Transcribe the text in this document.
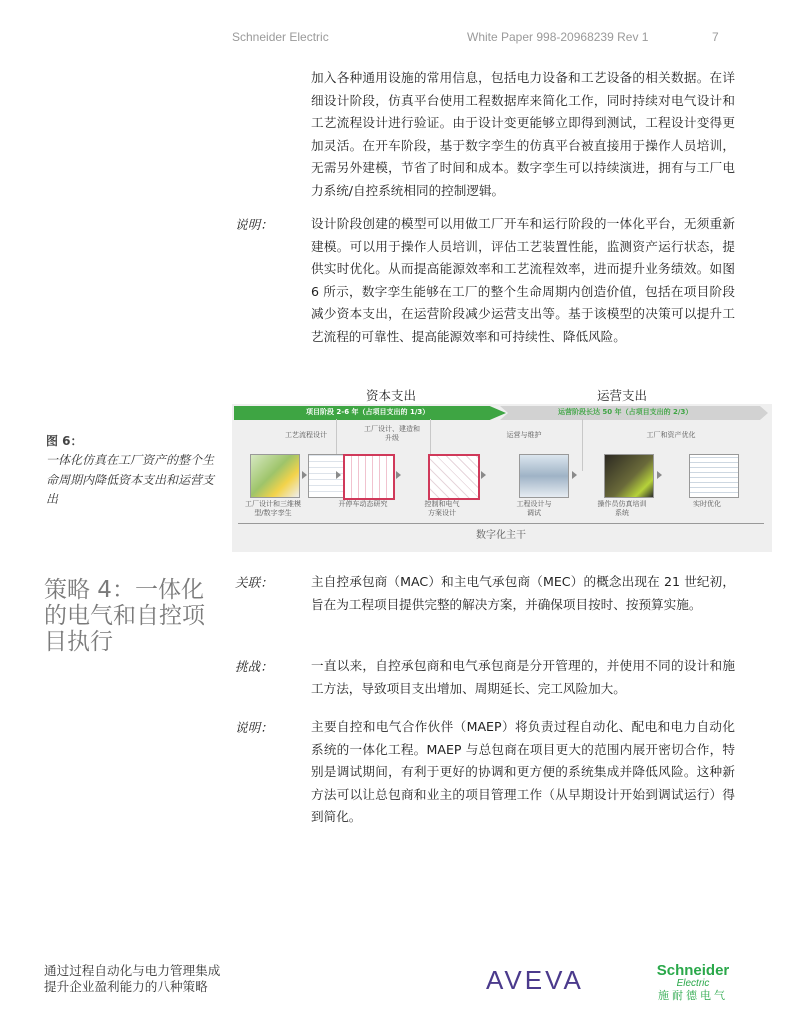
Schneider Electric	White Paper 998-20968239 Rev 1	7

加入各种通用设施的常用信息，包括电力设备和工艺设备的相关数据。在详细设计阶段，仿真平台使用工程数据库来简化工作，同时持续对电气设计和工艺流程设计进行验证。由于设计变更能够立即得到测试，工程设计变得更加灵活。在开车阶段，基于数字孪生的仿真平台被直接用于操作人员培训，无需另外建模，节省了时间和成本。数字孪生可以持续演进，拥有与工厂电力系统/自控系统相同的控制逻辑。

说明：	设计阶段创建的模型可以用做工厂开车和运行阶段的一体化平台，无须重新建模。可以用于操作人员培训，评估工艺装置性能，监测资产运行状态，提供实时优化。从而提高能源效率和工艺流程效率，进而提升业务绩效。如图 6 所示，数字孪生能够在工厂的整个生命周期内创造价值，包括在项目阶段减少资本支出，在运营阶段减少运营支出等。基于该模型的决策可以提升工艺流程的可靠性、提高能源效率和可持续性、降低风险。

图 6：
一体化仿真在工厂资产的整个生命周期内降低资本支出和运营支出
资本支出	运营支出
项目阶段 2-6 年（占项目支出的 1/3）	运营阶段长达 50 年（占项目支出的 2/3）
工艺流程设计
工厂设计、建造和升级	运营与维护	工厂和资产优化
工厂设计和三维模型/数字孪生
开停车动态研究	控制和电气方案设计
工程设计与调试
操作员仿真培训系统
实时优化
数字化主干
策略 4：一体化的电气和自控项目执行
关联：	主自控承包商（MAC）和主电气承包商（MEC）的概念出现在 21 世纪初，旨在为工程项目提供完整的解决方案，并确保项目按时、按预算实施。

挑战：	一直以来，自控承包商和电气承包商是分开管理的，并使用不同的设计和施工方法，导致项目支出增加、周期延长、完工风险加大。

说明：	主要自控和电气合作伙伴（MAEP）将负责过程自动化、配电和电力自动化系统的一体化工程。MAEP 与总包商在项目更大的范围内展开密切合作，特别是调试期间，有利于更好的协调和更方便的系统集成并降低风险。这种新方法可以让总包商和业主的项目管理工作（从早期设计开始到调试运行）得到简化。

通过过程自动化与电力管理集成
提升企业盈利能力的八种策略	AVEVA	Schneider
Electric
施耐德电气
